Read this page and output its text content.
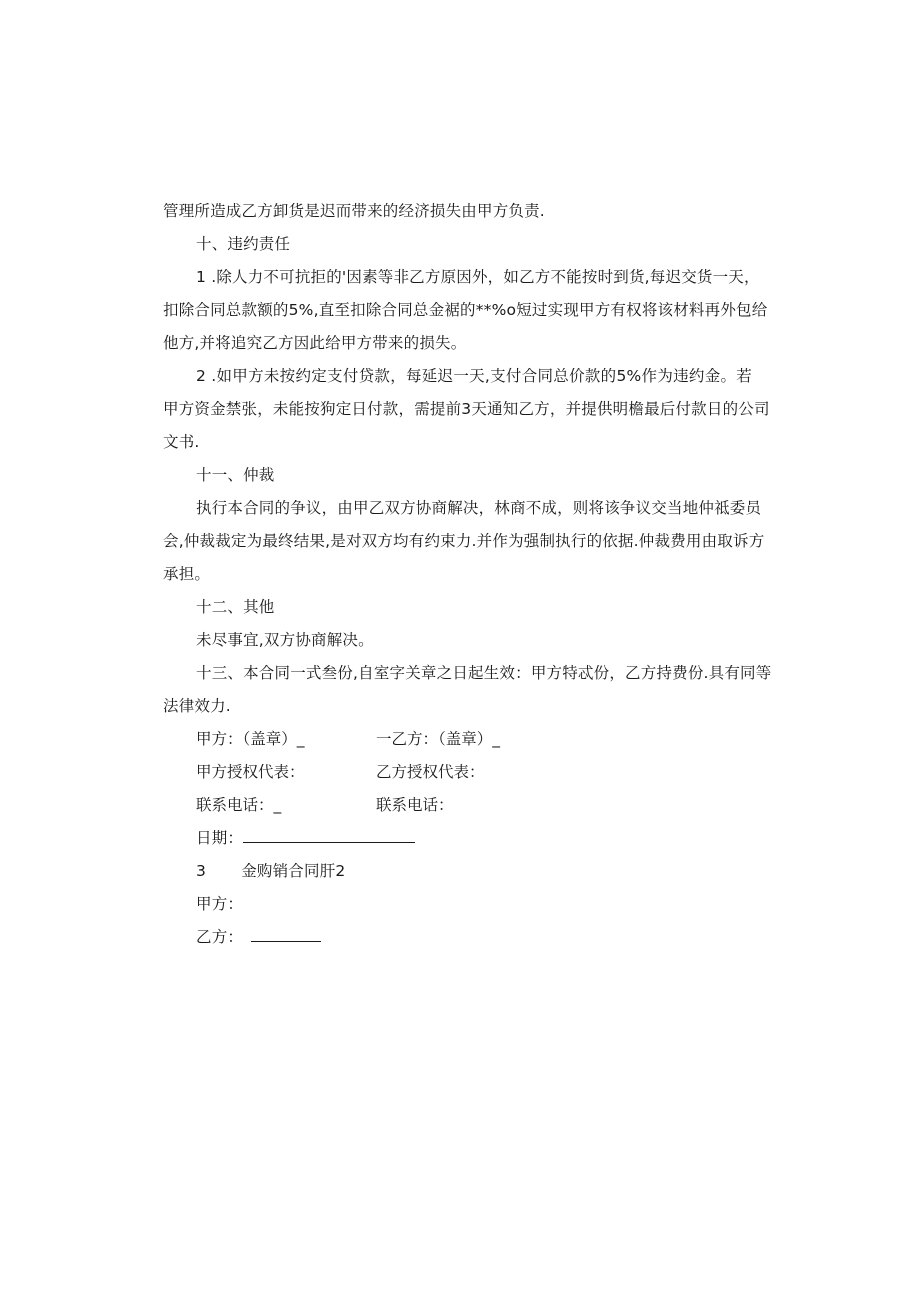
管理所造成乙方卸货是迟而带来的经济损失由甲方负责.
十、违约责任
1 .除人力不可抗拒的'因素等非乙方原因外，如乙方不能按时到货,每迟交货一天，
扣除合同总款额的5%,直至扣除合同总金裾的**%o短过实现甲方有权将该材料再外包给
他方,并将追究乙方因此给甲方带来的损失。
2 .如甲方未按约定支付贷款，每延迟一天,支付合同总价款的5%作为违约金。若
甲方资金禁张，未能按狗定日付款，需提前3天通知乙方，并提供明檐最后付款日的公司
文书.
十一、仲裁
执行本合同的争议，由甲乙双方协商解决，林商不成，则将该争议交当地仲祗委员
会,仲裁裁定为最终结果,是对双方均有约束力.并作为强制执行的依据.仲裁费用由取诉方
承担。
十二、其他
未尽事宜,双方协商解决。
十三、本合同一式叁份,自室字关章之日起生效：甲方特忒份，乙方持费份.具有同等
法律效力.
甲方：（盖章）_	一乙方：（盖章）_
甲方授权代表：	乙方授权代表：
联系电话：_	联系电话：
日期：
3 金购销合同肝2
甲方：
乙方：
